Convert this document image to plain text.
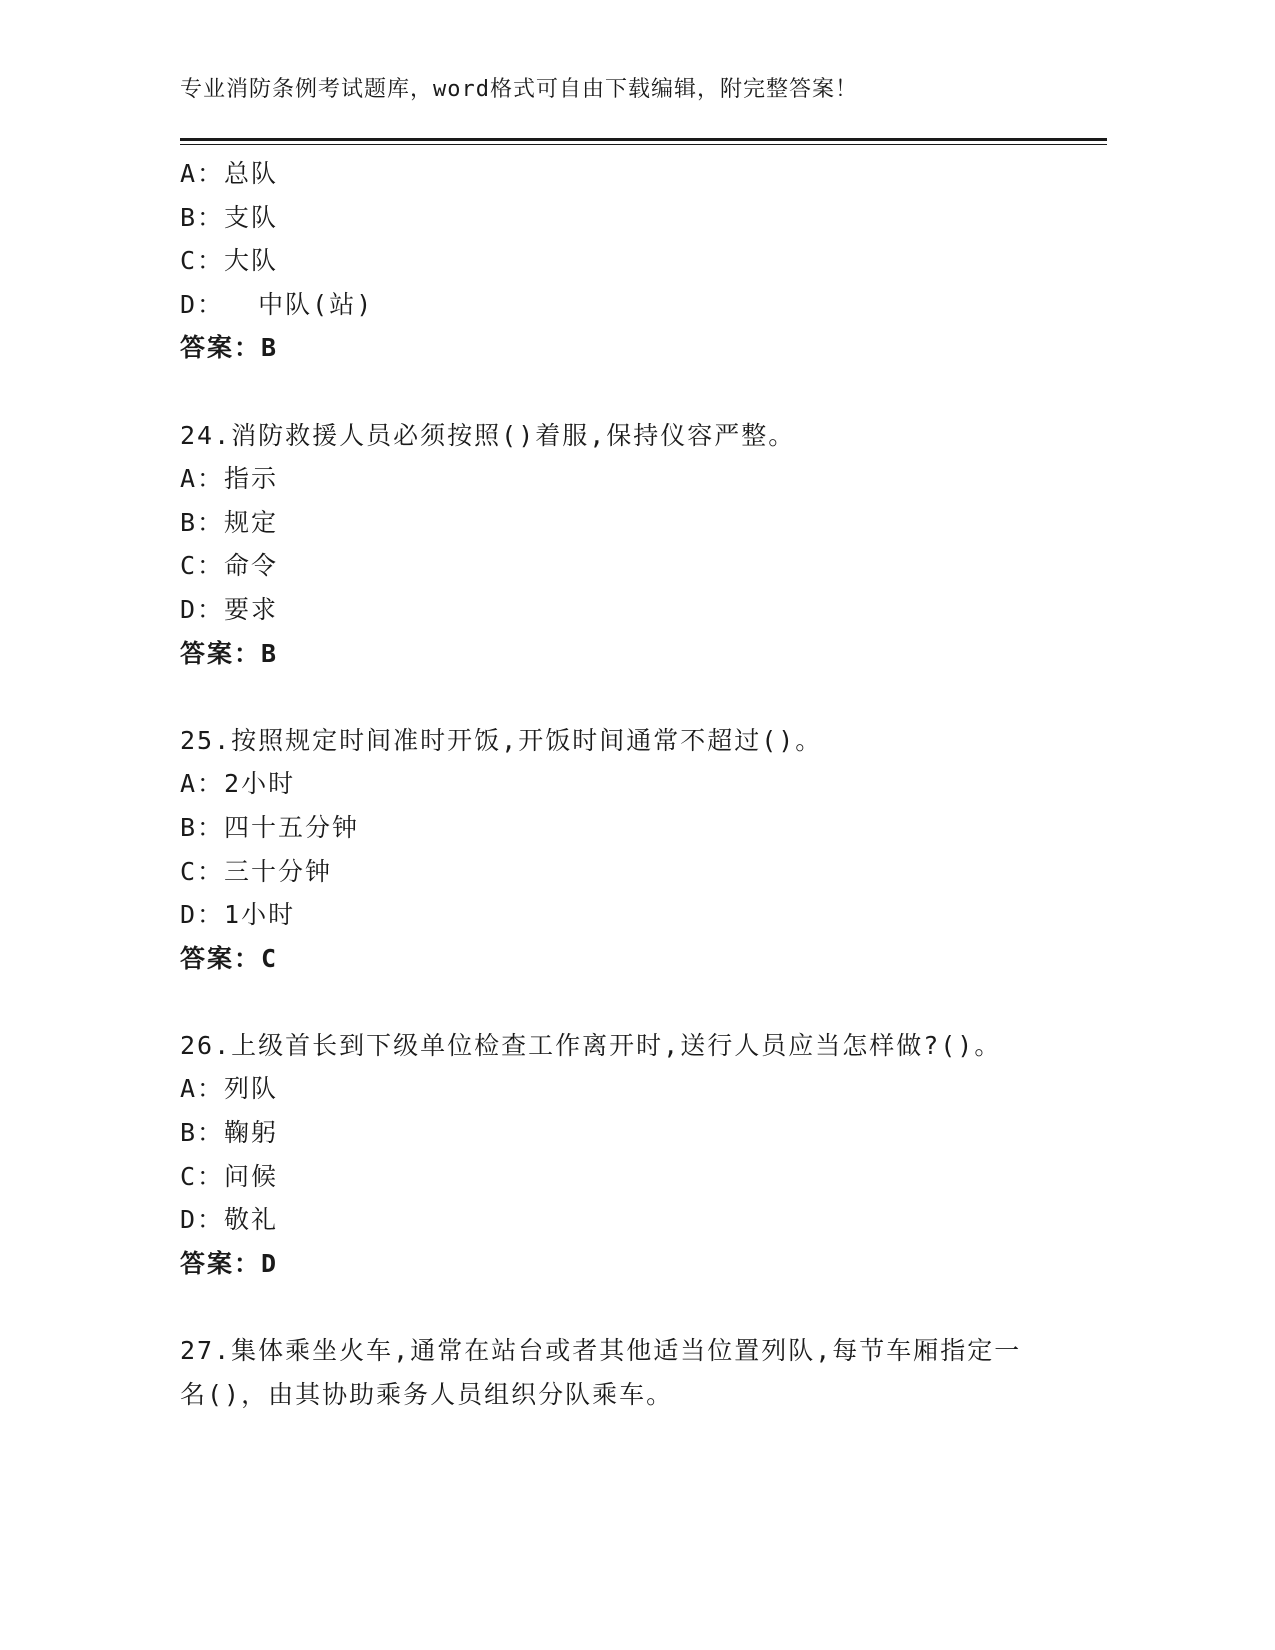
专业消防条例考试题库，word格式可自由下载编辑，附完整答案！
A：总队
B：支队
C：大队
D：  中队(站)
答案：B
24.消防救援人员必须按照()着服,保持仪容严整。
A：指示
B：规定
C：命令
D：要求
答案：B
25.按照规定时间准时开饭,开饭时间通常不超过()。
A：2小时
B：四十五分钟
C：三十分钟
D：1小时
答案：C
26.上级首长到下级单位检查工作离开时,送行人员应当怎样做?()。
A：列队
B：鞠躬
C：问候
D：敬礼
答案：D
27.集体乘坐火车,通常在站台或者其他适当位置列队,每节车厢指定一
名()，由其协助乘务人员组织分队乘车。
